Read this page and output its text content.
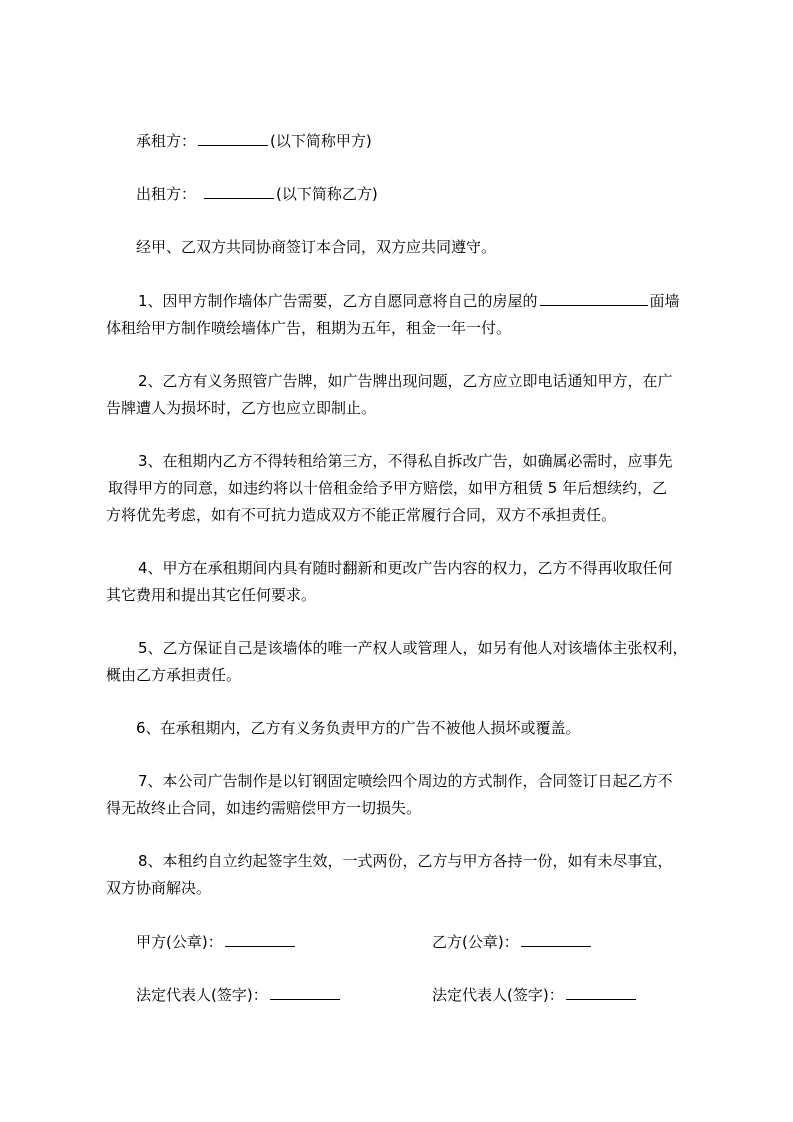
承租方：	(以下简称甲方)
出租方：	(以下简称乙方)
经甲、乙双方共同协商签订本合同，双方应共同遵守。
1、因甲方制作墙体广告需要，乙方自愿同意将自己的房屋的	面墙
体租给甲方制作喷绘墙体广告，租期为五年，租金一年一付。
2、乙方有义务照管广告牌，如广告牌出现问题，乙方应立即电话通知甲方，在广
告牌遭人为损坏时，乙方也应立即制止。
3、在租期内乙方不得转租给第三方，不得私自拆改广告，如确属必需时，应事先
取得甲方的同意，如违约将以十倍租金给予甲方赔偿，如甲方租赁 5 年后想续约，乙
方将优先考虑，如有不可抗力造成双方不能正常履行合同，双方不承担责任。
4、甲方在承租期间内具有随时翻新和更改广告内容的权力，乙方不得再收取任何
其它费用和提出其它任何要求。
5、乙方保证自己是该墙体的唯一产权人或管理人，如另有他人对该墙体主张权利，
概由乙方承担责任。
6、在承租期内，乙方有义务负责甲方的广告不被他人损坏或覆盖。
7、本公司广告制作是以钉钢固定喷绘四个周边的方式制作，合同签订日起乙方不
得无故终止合同，如违约需赔偿甲方一切损失。
8、本租约自立约起签字生效，一式两份，乙方与甲方各持一份，如有未尽事宜，
双方协商解决。
甲方(公章)：	乙方(公章)：
法定代表人(签字)：	法定代表人(签字)：
